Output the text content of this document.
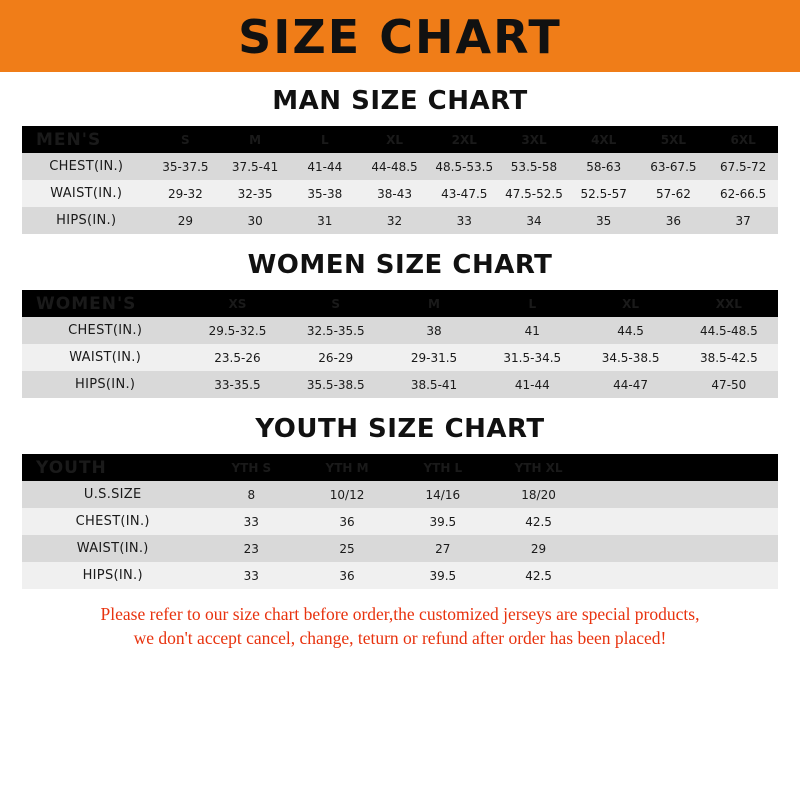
SIZE CHART
MAN SIZE CHART
MEN'S	S	M	L	XL	2XL	3XL	4XL	5XL	6XL
CHEST(IN.)	35-37.5	37.5-41	41-44	44-48.5	48.5-53.5	53.5-58	58-63	63-67.5	67.5-72
WAIST(IN.)	29-32	32-35	35-38	38-43	43-47.5	47.5-52.5	52.5-57	57-62	62-66.5
HIPS(IN.)	29	30	31	32	33	34	35	36	37
WOMEN SIZE CHART
WOMEN'S	XS	S	M	L	XL	XXL
CHEST(IN.)	29.5-32.5	32.5-35.5	38	41	44.5	44.5-48.5
WAIST(IN.)	23.5-26	26-29	29-31.5	31.5-34.5	34.5-38.5	38.5-42.5
HIPS(IN.)	33-35.5	35.5-38.5	38.5-41	41-44	44-47	47-50
YOUTH SIZE CHART
YOUTH	YTH S	YTH M	YTH L	YTH XL		
U.S.SIZE	8	10/12	14/16	18/20		
CHEST(IN.)	33	36	39.5	42.5		
WAIST(IN.)	23	25	27	29		
HIPS(IN.)	33	36	39.5	42.5		

Please refer to our size chart before order,the customized jerseys are special products,

we don't accept cancel, change, teturn or refund after order has been placed!
